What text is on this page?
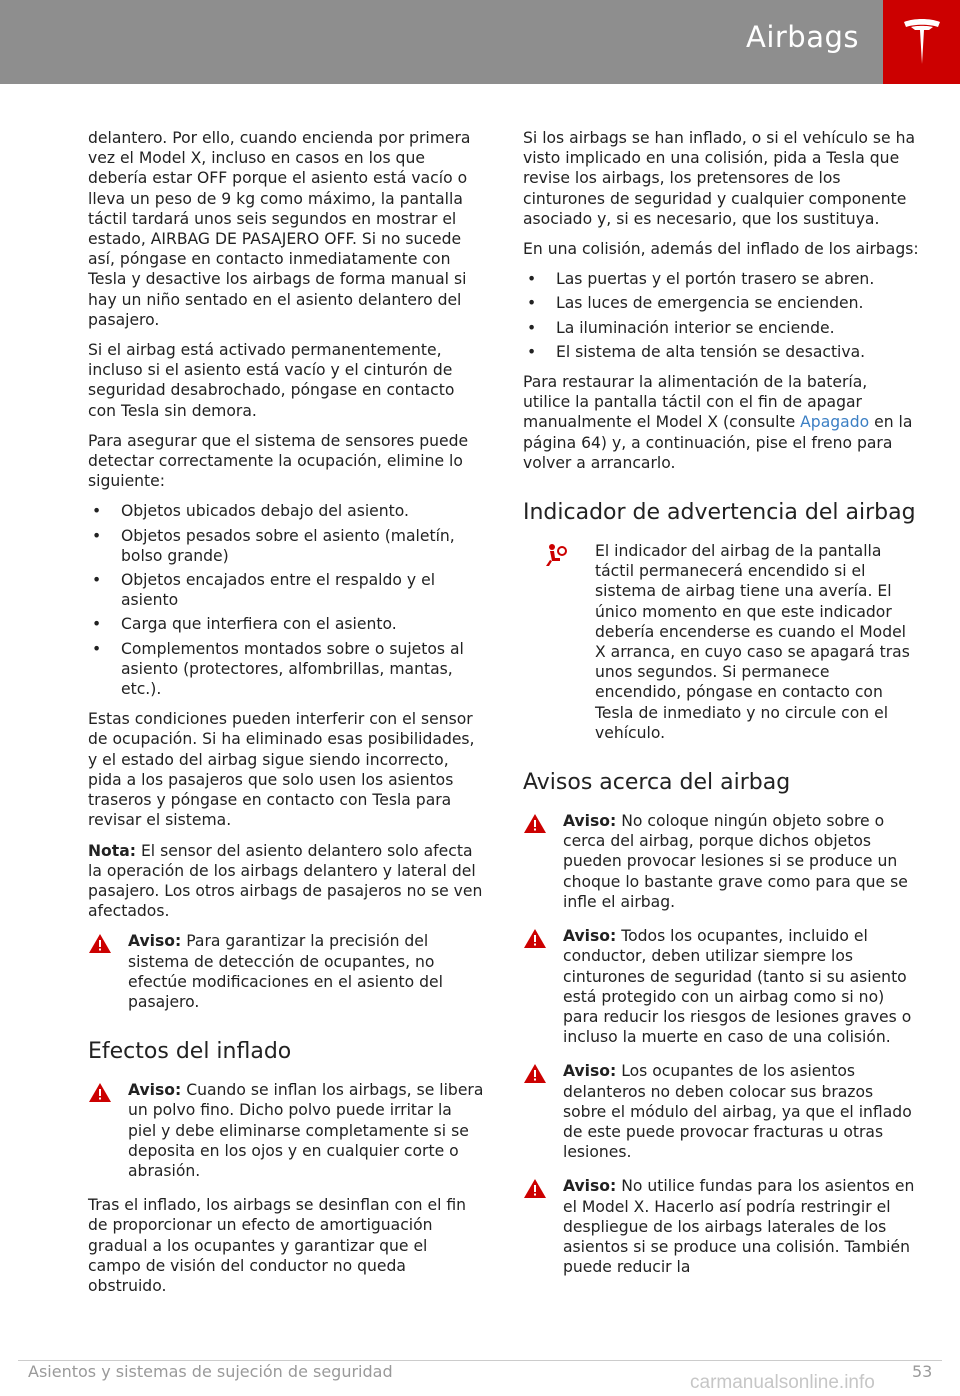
Airbags

delantero. Por ello, cuando encienda por primera vez el Model X, incluso en casos en los que debería estar OFF porque el asiento está vacío o lleva un peso de 9 kg como máximo, la pantalla táctil tardará unos seis segundos en mostrar el estado, AIRBAG DE PASAJERO OFF. Si no sucede así, póngase en contacto inmediatamente con Tesla y desactive los airbags de forma manual si hay un niño sentado en el asiento delantero del pasajero.

Si el airbag está activado permanentemente, incluso si el asiento está vacío y el cinturón de seguridad desabrochado, póngase en contacto con Tesla sin demora.

Para asegurar que el sistema de sensores puede detectar correctamente la ocupación, elimine lo siguiente:

• Objetos ubicados debajo del asiento.
• Objetos pesados sobre el asiento (maletín, bolso grande)
• Objetos encajados entre el respaldo y el asiento
• Carga que interfiera con el asiento.
• Complementos montados sobre o sujetos al asiento (protectores, alfombrillas, mantas, etc.).

Estas condiciones pueden interferir con el sensor de ocupación. Si ha eliminado esas posibilidades, y el estado del airbag sigue siendo incorrecto, pida a los pasajeros que solo usen los asientos traseros y póngase en contacto con Tesla para revisar el sistema.

Nota: El sensor del asiento delantero solo afecta la operación de los airbags delantero y lateral del pasajero. Los otros airbags de pasajeros no se ven afectados.

Aviso: Para garantizar la precisión del sistema de detección de ocupantes, no efectúe modificaciones en el asiento del pasajero.
Efectos del inflado
Aviso: Cuando se inflan los airbags, se libera un polvo fino. Dicho polvo puede irritar la piel y debe eliminarse completamente si se deposita en los ojos y en cualquier corte o abrasión.

Tras el inflado, los airbags se desinflan con el fin de proporcionar un efecto de amortiguación gradual a los ocupantes y garantizar que el campo de visión del conductor no queda obstruido.

Si los airbags se han inflado, o si el vehículo se ha visto implicado en una colisión, pida a Tesla que revise los airbags, los pretensores de los cinturones de seguridad y cualquier componente asociado y, si es necesario, que los sustituya.

En una colisión, además del inflado de los airbags:

• Las puertas y el portón trasero se abren.
• Las luces de emergencia se encienden.
• La iluminación interior se enciende.
• El sistema de alta tensión se desactiva.

Para restaurar la alimentación de la batería, utilice la pantalla táctil con el fin de apagar manualmente el Model X (consulte Apagado en la página 64) y, a continuación, pise el freno para volver a arrancarlo.

Indicador de advertencia del airbag
El indicador del airbag de la pantalla táctil permanecerá encendido si el sistema de airbag tiene una avería. El único momento en que este indicador debería encenderse es cuando el Model X arranca, en cuyo caso se apagará tras unos segundos. Si permanece encendido, póngase en contacto con Tesla de inmediato y no circule con el vehículo.
Avisos acerca del airbag
Aviso: No coloque ningún objeto sobre o cerca del airbag, porque dichos objetos pueden provocar lesiones si se produce un choque lo bastante grave como para que se infle el airbag.
Aviso: Todos los ocupantes, incluido el conductor, deben utilizar siempre los cinturones de seguridad (tanto si su asiento está protegido con un airbag como si no) para reducir los riesgos de lesiones graves o incluso la muerte en caso de una colisión.
Aviso: Los ocupantes de los asientos delanteros no deben colocar sus brazos sobre el módulo del airbag, ya que el inflado de este puede provocar fracturas u otras lesiones.
Aviso: No utilice fundas para los asientos en el Model X. Hacerlo así podría restringir el despliegue de los airbags laterales de los asientos si se produce una colisión. También puede reducir la
Asientos y sistemas de sujeción de seguridad	53
carmanualsonline.info
